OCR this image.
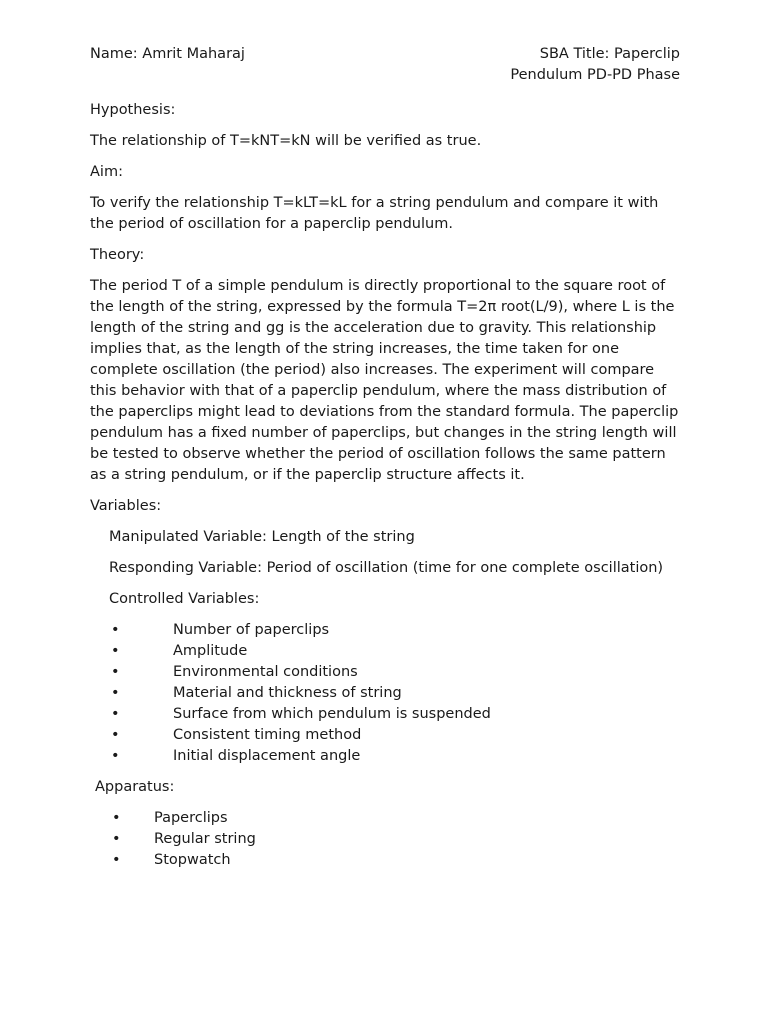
Name: Amrit Maharaj	SBA Title: Paperclip Pendulum PD-PD Phase

Hypothesis:

The relationship of T=kNT=kN will be verified as true.

Aim:

To verify the relationship T=kLT=kL for a string pendulum and compare it with the period of oscillation for a paperclip pendulum.

Theory:

The period T of a simple pendulum is directly proportional to the square root of the length of the string, expressed by the formula T=2π root(L/9), where L is the length of the string and gg is the acceleration due to gravity. This relationship implies that, as the length of the string increases, the time taken for one complete oscillation (the period) also increases. The experiment will compare this behavior with that of a paperclip pendulum, where the mass distribution of the paperclips might lead to deviations from the standard formula. The paperclip pendulum has a fixed number of paperclips, but changes in the string length will be tested to observe whether the period of oscillation follows the same pattern as a string pendulum, or if the paperclip structure affects it.

Variables:

Manipulated Variable: Length of the string

Responding Variable: Period of oscillation (time for one complete oscillation)

Controlled Variables:

•	Number of paperclips
•	Amplitude
•	Environmental conditions
•	Material and thickness of string
•	Surface from which pendulum is suspended
•	Consistent timing method
•	Initial displacement angle

Apparatus:

• Paperclips
• Regular string
• Stopwatch
